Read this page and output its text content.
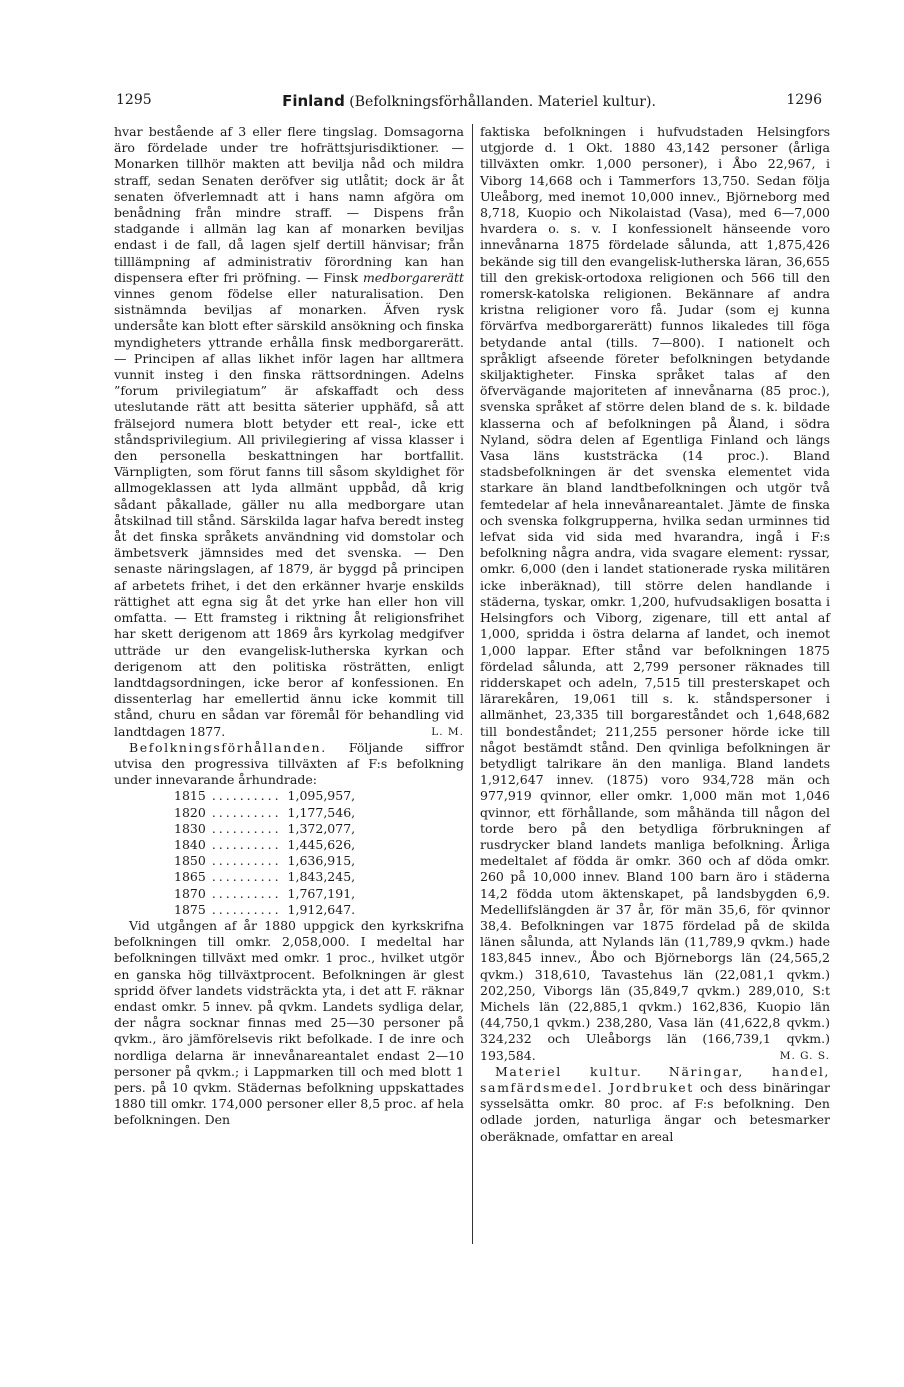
1295	Finland (Befolkningsförhållanden. Materiel kultur).	1296

hvar bestående af 3 eller flere tingslag. Domsagorna äro fördelade under tre hofrättsjurisdiktioner. — Monarken tillhör makten att bevilja nåd och mildra straff, sedan Senaten deröfver sig utlåtit; dock är åt senaten öfverlemnadt att i hans namn afgöra om benådning från mindre straff. — Dispens från stadgande i allmän lag kan af monarken beviljas endast i de fall, då lagen sjelf dertill hänvisar; från tilllämpning af administrativ förordning kan han dispensera efter fri pröfning. — Finsk medborgarerätt vinnes genom födelse eller naturalisation. Den sistnämnda beviljas af monarken. Äfven rysk undersåte kan blott efter särskild ansökning och finska myndigheters yttrande erhålla finsk medborgarerätt. — Principen af allas likhet inför lagen har alltmera vunnit insteg i den finska rättsordningen. Adelns ”forum privilegiatum” är afskaffadt och dess uteslutande rätt att besitta säterier upphäfd, så att frälsejord numera blott betyder ett real-, icke ett ståndsprivilegium. All privilegiering af vissa klasser i den personella beskattningen har bortfallit. Värnpligten, som förut fanns till såsom skyldighet för allmogeklassen att lyda allmänt uppbåd, då krig sådant påkallade, gäller nu alla medborgare utan åtskilnad till stånd. Särskilda lagar hafva beredt insteg åt det finska språkets användning vid domstolar och ämbetsverk jämnsides med det svenska. — Den senaste näringslagen, af 1879, är byggd på principen af arbetets frihet, i det den erkänner hvarje enskilds rättighet att egna sig åt det yrke han eller hon vill omfatta. — Ett framsteg i riktning åt religionsfrihet har skett derigenom att 1869 års kyrkolag medgifver utträde ur den evangelisk-lutherska kyrkan och derigenom att den politiska rösträtten, enligt landtdagsordningen, icke beror af konfessionen. En dissenterlag har emellertid ännu icke kommit till stånd, churu en sådan var föremål för behandling vid landtdagen 1877.	L. M.

Befolkningsförhållanden. Följande siffror utvisa den progressiva tillväxten af F:s befolkning under innevarande århundrade:

1815	..........	1,095,957,
1820	..........	1,177,546,
1830	..........	1,372,077,
1840	..........	1,445,626,
1850	..........	1,636,915,
1865	..........	1,843,245,
1870	..........	1,767,191,
1875	..........	1,912,647.

Vid utgången af år 1880 uppgick den kyrkskrifna befolkningen till omkr. 2,058,000. I medeltal har befolkningen tillväxt med omkr. 1 proc., hvilket utgör en ganska hög tillväxtprocent. Befolkningen är glest spridd öfver landets vidsträckta yta, i det att F. räknar endast omkr. 5 innev. på qvkm. Landets sydliga delar, der några socknar finnas med 25—30 personer på qvkm., äro jämförelsevis rikt befolkade. I de inre och nordliga delarna är innevånareantalet endast 2—10 personer på qvkm.; i Lappmarken till och med blott 1 pers. på 10 qvkm. Städernas befolkning uppskattades 1880 till omkr. 174,000 personer eller 8,5 proc. af hela befolkningen. Den

faktiska befolkningen i hufvudstaden Helsingfors utgjorde d. 1 Okt. 1880 43,142 personer (årliga tillväxten omkr. 1,000 personer), i Åbo 22,967, i Viborg 14,668 och i Tammerfors 13,750. Sedan följa Uleåborg, med inemot 10,000 innev., Björneborg med 8,718, Kuopio och Nikolaistad (Vasa), med 6—7,000 hvardera o. s. v. I konfessionelt hänseende voro innevånarna 1875 fördelade sålunda, att 1,875,426 bekände sig till den evangelisk-lutherska läran, 36,655 till den grekisk-ortodoxa religionen och 566 till den romersk-katolska religionen. Bekännare af andra kristna religioner voro få. Judar (som ej kunna förvärfva medborgarerätt) funnos likaledes till föga betydande antal (tills. 7—800). I nationelt och språkligt afseende företer befolkningen betydande skiljaktigheter. Finska språket talas af den öfvervägande majoriteten af innevånarna (85 proc.), svenska språket af större delen bland de s. k. bildade klasserna och af befolkningen på Åland, i södra Nyland, södra delen af Egentliga Finland och längs Vasa läns kuststräcka (14 proc.). Bland stadsbefolkningen är det svenska elementet vida starkare än bland landtbefolkningen och utgör två femtedelar af hela innevånareantalet. Jämte de finska och svenska folkgrupperna, hvilka sedan urminnes tid lefvat sida vid sida med hvarandra, ingå i F:s befolkning några andra, vida svagare element: ryssar, omkr. 6,000 (den i landet stationerade ryska militären icke inberäknad), till större delen handlande i städerna, tyskar, omkr. 1,200, hufvudsakligen bosatta i Helsingfors och Viborg, zigenare, till ett antal af 1,000, spridda i östra delarna af landet, och inemot 1,000 lappar. Efter stånd var befolkningen 1875 fördelad sålunda, att 2,799 personer räknades till ridderskapet och adeln, 7,515 till presterskapet och lärarekåren, 19,061 till s. k. ståndspersoner i allmänhet, 23,335 till borgareståndet och 1,648,682 till bondeståndet; 211,255 personer hörde icke till något bestämdt stånd. Den qvinliga befolkningen är betydligt talrikare än den manliga. Bland landets 1,912,647 innev. (1875) voro 934,728 män och 977,919 qvinnor, eller omkr. 1,000 män mot 1,046 qvinnor, ett förhållande, som måhända till någon del torde bero på den betydliga förbrukningen af rusdrycker bland landets manliga befolkning. Årliga medeltalet af födda är omkr. 360 och af döda omkr. 260 på 10,000 innev. Bland 100 barn äro i städerna 14,2 födda utom äktenskapet, på landsbygden 6,9. Medellifslängden är 37 år, för män 35,6, för qvinnor 38,4. Befolkningen var 1875 fördelad på de skilda länen sålunda, att Nylands län (11,789,9 qvkm.) hade 183,845 innev., Åbo och Björneborgs län (24,565,2 qvkm.) 318,610, Tavastehus län (22,081,1 qvkm.) 202,250, Viborgs län (35,849,7 qvkm.) 289,010, S:t Michels län (22,885,1 qvkm.) 162,836, Kuopio län (44,750,1 qvkm.) 238,280, Vasa län (41,622,8 qvkm.) 324,232 och Uleåborgs län (166,739,1 qvkm.) 193,584.	M. G. S.

Materiel kultur. Näringar, handel, samfärdsmedel. Jordbruket och dess binäringar sysselsätta omkr. 80 proc. af F:s befolkning. Den odlade jorden, naturliga ängar och betesmarker oberäknade, omfattar en areal
